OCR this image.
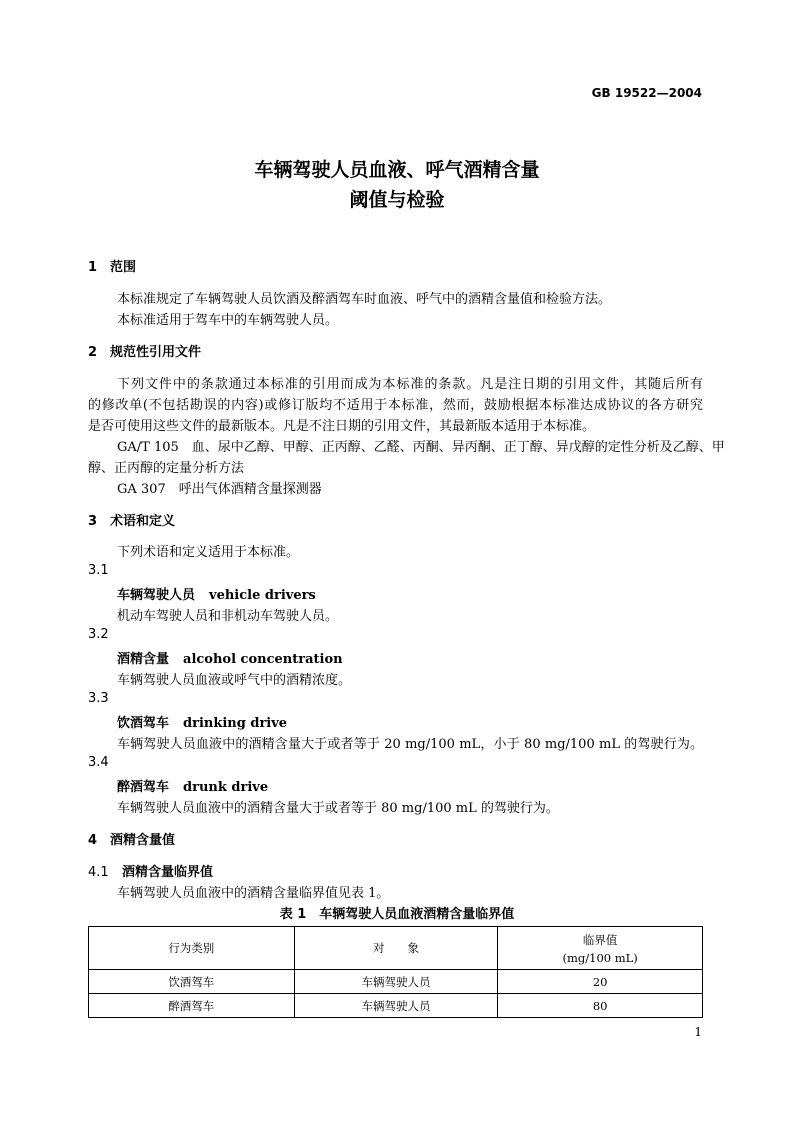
GB 19522—2004
车辆驾驶人员血液、呼气酒精含量
阈值与检验
1 范围
本标准规定了车辆驾驶人员饮酒及醉酒驾车时血液、呼气中的酒精含量值和检验方法。
本标准适用于驾车中的车辆驾驶人员。
2 规范性引用文件
下列文件中的条款通过本标准的引用而成为本标准的条款。凡是注日期的引用文件，其随后所有
的修改单(不包括勘误的内容)或修订版均不适用于本标准，然而，鼓励根据本标准达成协议的各方研究
是否可使用这些文件的最新版本。凡是不注日期的引用文件，其最新版本适用于本标准。
GA/T 105　血、尿中乙醇、甲醇、正丙醇、乙醛、丙酮、异丙酮、正丁醇、异戊醇的定性分析及乙醇、甲
醇、正丙醇的定量分析方法
GA 307　呼出气体酒精含量探测器
3 术语和定义
下列术语和定义适用于本标准。
3.1
车辆驾驶人员 vehicle drivers
机动车驾驶人员和非机动车驾驶人员。
3.2
酒精含量 alcohol concentration
车辆驾驶人员血液或呼气中的酒精浓度。
3.3
饮酒驾车 drinking drive
车辆驾驶人员血液中的酒精含量大于或者等于 20 mg/100 mL，小于 80 mg/100 mL 的驾驶行为。
3.4
醉酒驾车 drunk drive
车辆驾驶人员血液中的酒精含量大于或者等于 80 mg/100 mL 的驾驶行为。
4 酒精含量值
4.1 酒精含量临界值
车辆驾驶人员血液中的酒精含量临界值见表 1。
表 1　车辆驾驶人员血液酒精含量临界值
行为类别	对　　象	临界值
(mg/100 mL)

饮酒驾车	车辆驾驶人员	20
醉酒驾车	车辆驾驶人员	80
1
